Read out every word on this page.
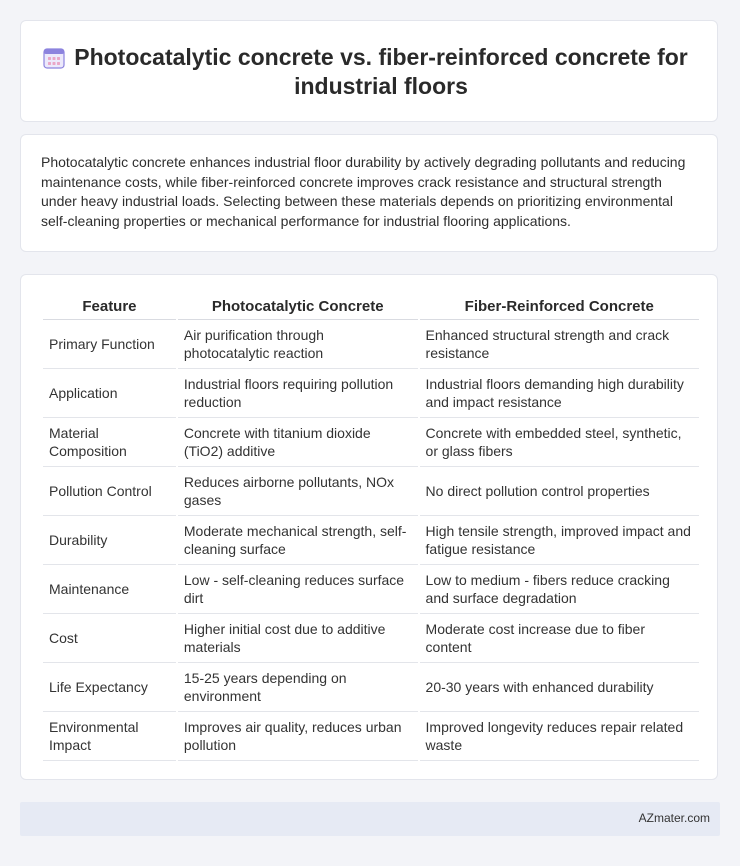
Photocatalytic concrete vs. fiber-reinforced concrete for industrial floors

Photocatalytic concrete enhances industrial floor durability by actively degrading pollutants and reducing maintenance costs, while fiber-reinforced concrete improves crack resistance and structural strength under heavy industrial loads. Selecting between these materials depends on prioritizing environmental self-cleaning properties or mechanical performance for industrial flooring applications.

Feature	Photocatalytic Concrete	Fiber-Reinforced Concrete
Primary Function	Air purification through photocatalytic reaction	Enhanced structural strength and crack resistance
Application	Industrial floors requiring pollution reduction	Industrial floors demanding high durability and impact resistance
Material Composition	Concrete with titanium dioxide (TiO2) additive	Concrete with embedded steel, synthetic, or glass fibers
Pollution Control	Reduces airborne pollutants, NOx gases	No direct pollution control properties
Durability	Moderate mechanical strength, self-cleaning surface	High tensile strength, improved impact and fatigue resistance
Maintenance	Low - self-cleaning reduces surface dirt	Low to medium - fibers reduce cracking and surface degradation
Cost	Higher initial cost due to additive materials	Moderate cost increase due to fiber content
Life Expectancy	15-25 years depending on environment	20-30 years with enhanced durability
Environmental Impact	Improves air quality, reduces urban pollution	Improved longevity reduces repair related waste
AZmater.com
